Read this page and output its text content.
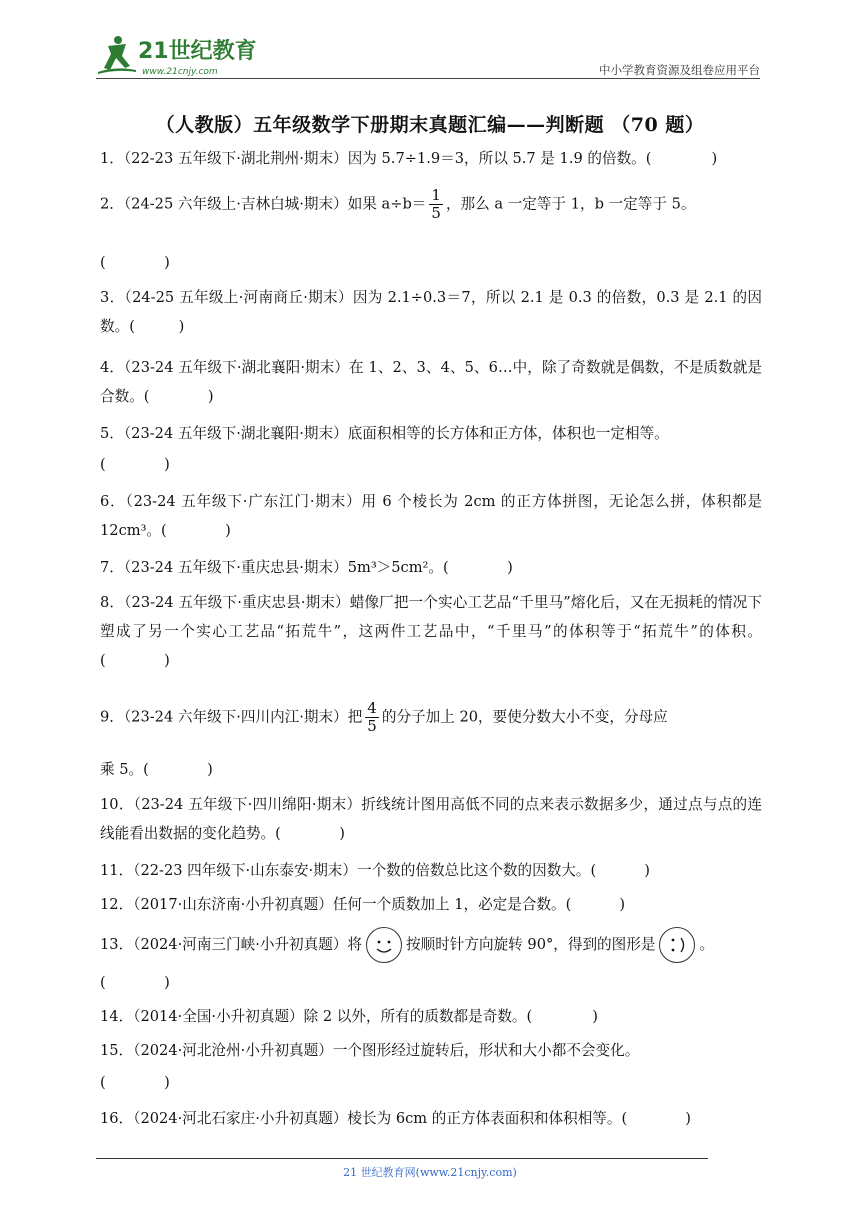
21世纪教育
www.21cnjy.com	中小学教育资源及组卷应用平台
（人教版）五年级数学下册期末真题汇编——判断题 （70 题）
1．（22-23 五年级下·湖北荆州·期末）因为 5.7÷1.9＝3，所以 5.7 是 1.9 的倍数。(	)
2．（24-25 六年级上·吉林白城·期末）如果 $a\div b= \frac{1}{5}$ ，那么 a 一定等于 1，b 一定等于 5。
(　　　　)
3．（24-25 五年级上·河南商丘·期末）因为 2.1÷0.3＝7，所以 2.1 是 0.3 的倍数，0.3 是 2.1 的因数。(　　　)
4．（23-24 五年级下·湖北襄阳·期末）在 1、2、3、4、5、6…中，除了奇数就是偶数，不是质数就是合数。(　　　　)
5．（23-24 五年级下·湖北襄阳·期末）底面积相等的长方体和正方体，体积也一定相等。
(　　　　)
6．（23-24 五年级下·广东江门·期末）用 6 个棱长为 2cm 的正方体拼图，无论怎么拼，体积都是 12cm³。(　　　　)
7．（23-24 五年级下·重庆忠县·期末）5m³＞5cm²。(　　　　)
8．（23-24 五年级下·重庆忠县·期末）蜡像厂把一个实心工艺品“千里马”熔化后，又在无损耗的情况下塑成了另一个实心工艺品“拓荒牛”，这两件工艺品中，“千里马”的体积等于“拓荒牛”的体积。(　　　　)
9．（23-24 六年级下·四川内江·期末）把 $\frac{4}{5}$ 的分子加上 20，要使分数大小不变，分母应
乘 5。(　　　　)
10．（23-24 五年级下·四川绵阳·期末）折线统计图用高低不同的点来表示数据多少，通过点与点的连线能看出数据的变化趋势。(　　　　)
11．（22-23 四年级下·山东泰安·期末）一个数的倍数总比这个数的因数大。(	)
12．（2017·山东济南·小升初真题）任何一个质数加上 1，必定是合数。(	)
13．（2024·河南三门峡·小升初真题）将	按顺时针方向旋转 90°，得到的图形是	。
(　　　　)
14．（2014·全国·小升初真题）除 2 以外，所有的质数都是奇数。(	)
15．（2024·河北沧州·小升初真题）一个图形经过旋转后，形状和大小都不会变化。
(　　　　)
16．（2024·河北石家庄·小升初真题）棱长为 6cm 的正方体表面积和体积相等。(	)
21 世纪教育网(www.21cnjy.com)
